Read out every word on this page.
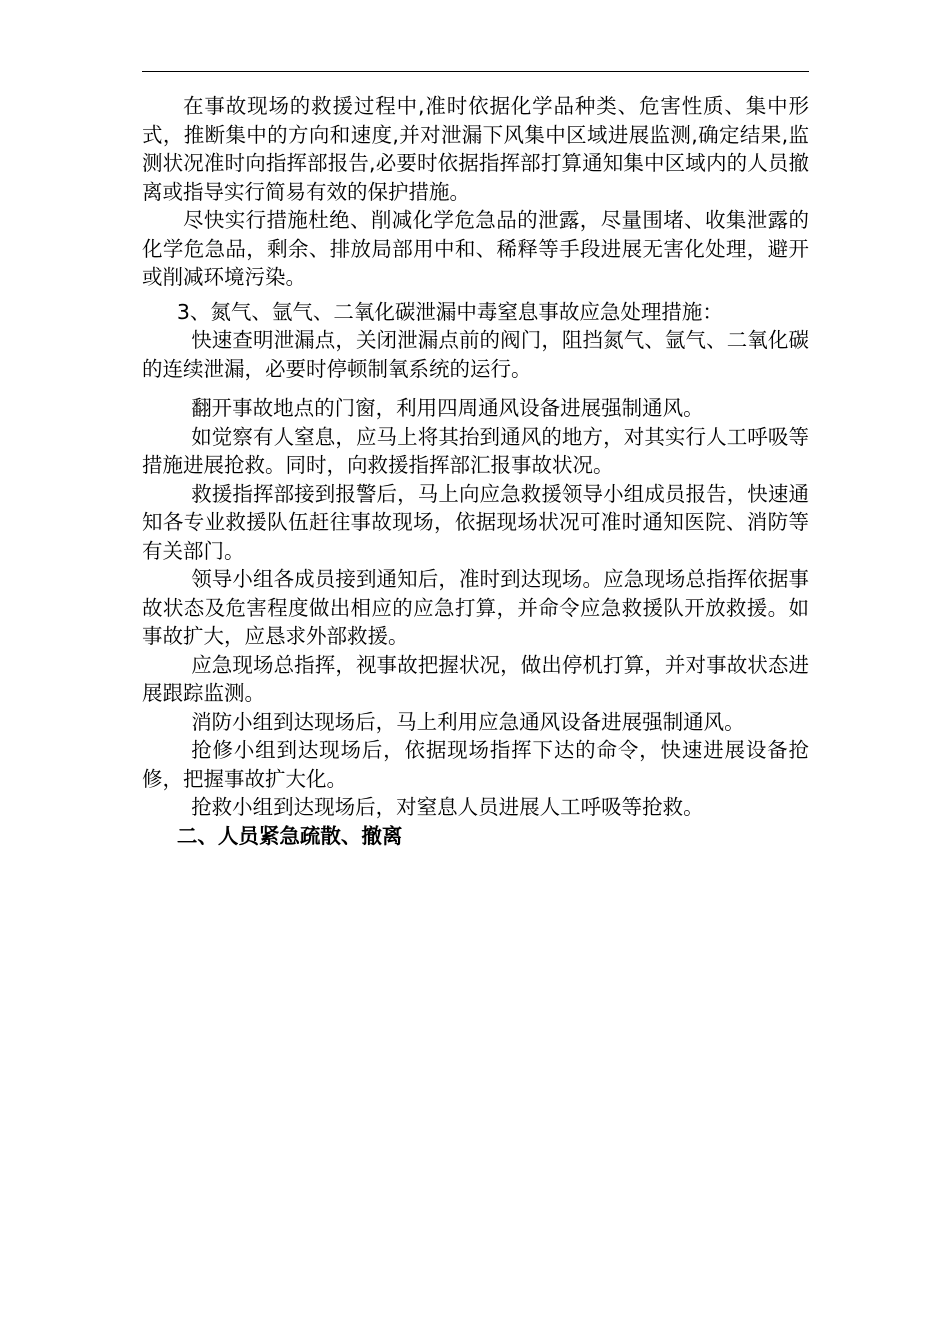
在事故现场的救援过程中,准时依据化学品种类、危害性质、集中形式，推断集中的方向和速度,并对泄漏下风集中区域进展监测,确定结果,监测状况准时向指挥部报告,必要时依据指挥部打算通知集中区域内的人员撤离或指导实行简易有效的保护措施。

尽快实行措施杜绝、削减化学危急品的泄露，尽量围堵、收集泄露的化学危急品，剩余、排放局部用中和、稀释等手段进展无害化处理，避开或削减环境污染。

3、氮气、氩气、二氧化碳泄漏中毒窒息事故应急处理措施：

快速查明泄漏点，关闭泄漏点前的阀门，阻挡氮气、氩气、二氧化碳的连续泄漏，必要时停顿制氧系统的运行。

翻开事故地点的门窗，利用四周通风设备进展强制通风。

如觉察有人窒息，应马上将其抬到通风的地方，对其实行人工呼吸等措施进展抢救。同时，向救援指挥部汇报事故状况。

救援指挥部接到报警后，马上向应急救援领导小组成员报告，快速通知各专业救援队伍赶往事故现场，依据现场状况可准时通知医院、消防等有关部门。

领导小组各成员接到通知后，准时到达现场。应急现场总指挥依据事故状态及危害程度做出相应的应急打算，并命令应急救援队开放救援。如事故扩大，应恳求外部救援。

应急现场总指挥，视事故把握状况，做出停机打算，并对事故状态进展跟踪监测。

消防小组到达现场后，马上利用应急通风设备进展强制通风。

抢修小组到达现场后，依据现场指挥下达的命令，快速进展设备抢修，把握事故扩大化。

抢救小组到达现场后，对窒息人员进展人工呼吸等抢救。

二、人员紧急疏散、撤离
